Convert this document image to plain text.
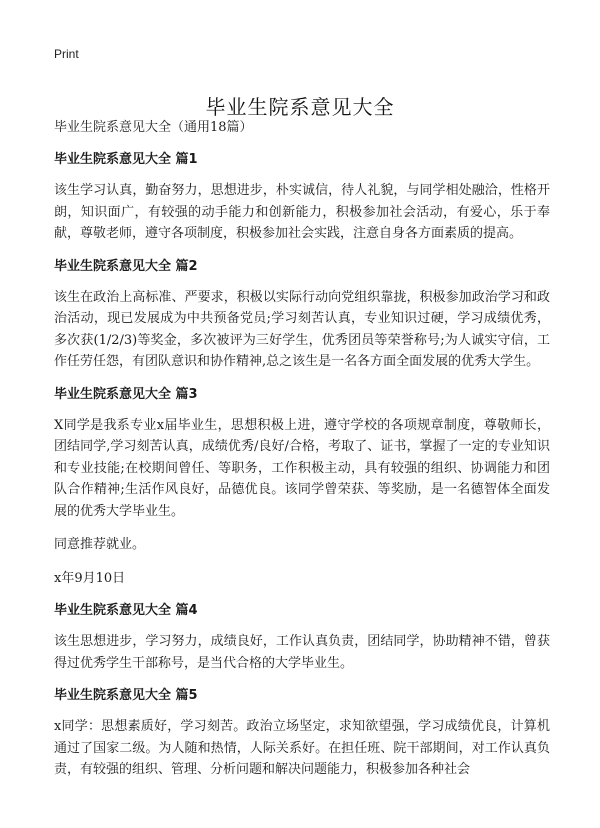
Print
毕业生院系意见大全

毕业生院系意见大全（通用18篇）

毕业生院系意见大全 篇1

该生学习认真，勤奋努力，思想进步，朴实诚信，待人礼貌，与同学相处融洽，性格开朗，知识面广，有较强的动手能力和创新能力，积极参加社会活动，有爱心，乐于奉献，尊敬老师，遵守各项制度，积极参加社会实践，注意自身各方面素质的提高。

毕业生院系意见大全 篇2

该生在政治上高标准、严要求，积极以实际行动向党组织靠拢，积极参加政治学习和政治活动，现已发展成为中共预备党员;学习刻苦认真，专业知识过硬，学习成绩优秀，多次获(1/2/3)等奖金，多次被评为三好学生，优秀团员等荣誉称号;为人诚实守信，工作任劳任怨，有团队意识和协作精神,总之该生是一名各方面全面发展的优秀大学生。

毕业生院系意见大全 篇3

X同学是我系专业x届毕业生，思想积极上进，遵守学校的各项规章制度，尊敬师长，团结同学,学习刻苦认真，成绩优秀/良好/合格，考取了、证书，掌握了一定的专业知识和专业技能;在校期间曾任、等职务，工作积极主动，具有较强的组织、协调能力和团队合作精神;生活作风良好，品德优良。该同学曾荣获、等奖励，是一名德智体全面发展的优秀大学毕业生。

同意推荐就业。

x年9月10日

毕业生院系意见大全 篇4

该生思想进步，学习努力，成绩良好，工作认真负责，团结同学，协助精神不错，曾获得过优秀学生干部称号，是当代合格的大学毕业生。

毕业生院系意见大全 篇5

x同学：思想素质好，学习刻苦。政治立场坚定，求知欲望强，学习成绩优良，计算机通过了国家二级。为人随和热情，人际关系好。在担任班、院干部期间，对工作认真负责，有较强的组织、管理、分析问题和解决问题能力，积极参加各种社会
